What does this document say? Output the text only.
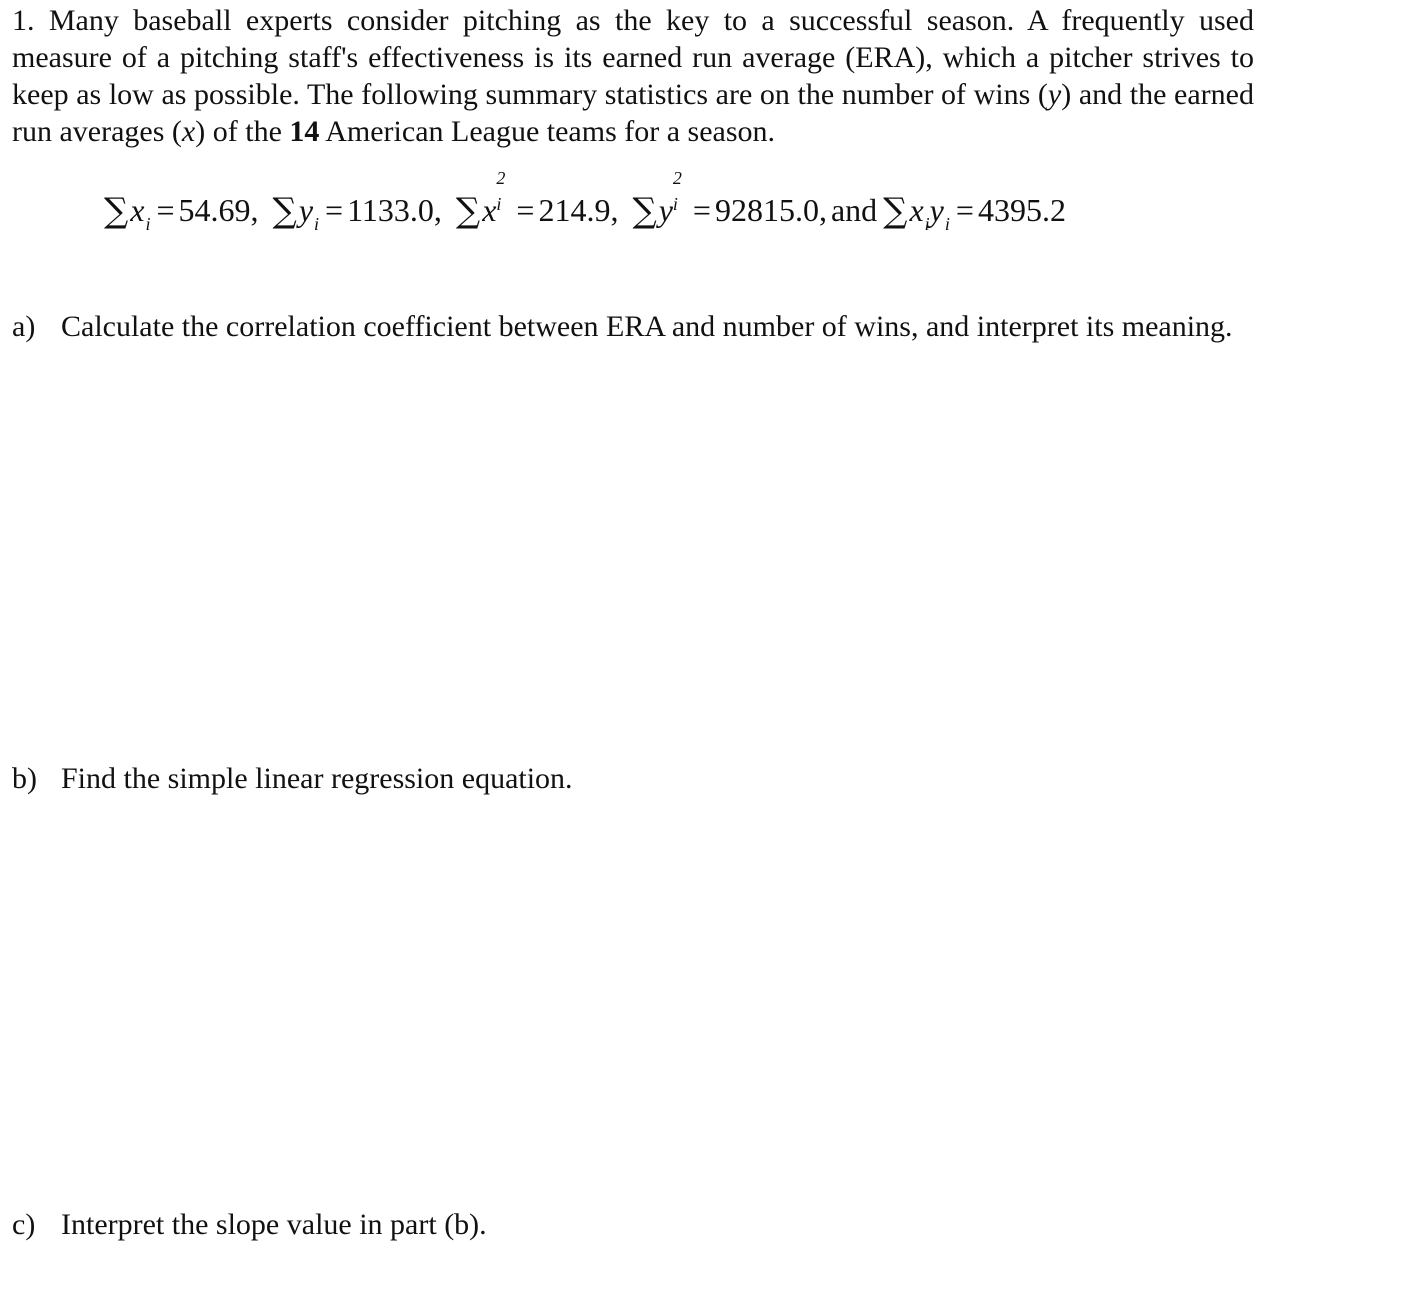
1. Many baseball experts consider pitching as the key to a successful season. A frequently used measure of a pitching staff's effectiveness is its earned run average (ERA), which a pitcher strives to keep as low as possible. The following summary statistics are on the number of wins (y) and the earned run averages (x) of the 14 American League teams for a season.
$\sum x_i = 54.69$, $\sum y_i = 1133.0$, ∑x
2
i = 214.9, ∑y
2
i = 92815.0, and $\sum x_iy_i = 4395.2$
a) Calculate the correlation coefficient between ERA and number of wins, and interpret its meaning.
b) Find the simple linear regression equation.
c) Interpret the slope value in part (b).
